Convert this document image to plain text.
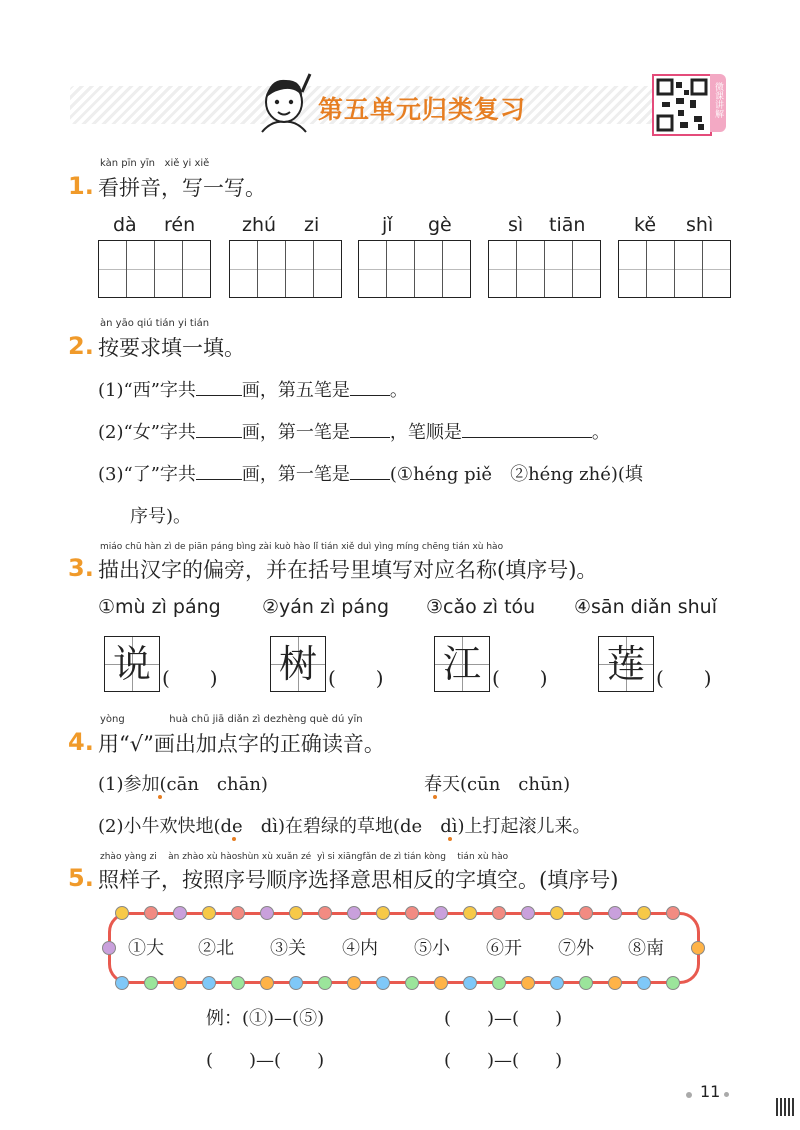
第五单元归类复习	微课讲解
kàn pīn yīn xiě yi xiě
1. 看拼音，写一写。
dà rén zhú zi	jǐ gè	sì tiān	kě shì
àn yāo qiú tián yi tián
2. 按要求填一填。
(1)“西”字共	画，第五笔是 。
(2)“女”字共	画，第一笔是 ，笔顺是	。
(3)“了”字共	画，第一笔是 (①héng piě　②héng zhé)(填
序号)。
miáo chū hàn zì de piān páng bìng zài kuò hào lǐ tián xiě duì yìng míng chēng tián xù hào
3. 描出汉字的偏旁，并在括号里填写对应名称(填序号)。
①mù zì páng ②yán zì páng ③cǎo zì tóu ④sān diǎn shuǐ
说 (　　) 树 (　　) 江 (　　) 莲 (　　)
yòng	huà chū jiā diǎn zì dezhèng què dú yīn
4. 用“√”画出加点字的正确读音。
(1)参加(cān　chān)	春天(cūn　chūn)
(2)小牛欢快地(de　dì)在碧绿的草地(de　dì)上打起滚儿来。
zhào yàng zi àn zhào xù hàoshùn xù xuǎn zé yì si xiāngfǎn de zì tián kòng tián xù hào
5. 照样子，按照序号顺序选择意思相反的字填空。(填序号)
①大 ②北 ③关 ④内 ⑤小 ⑥开 ⑦外 ⑧南
例：(①)—(⑤)	(　　)—(　　)
(　　)—(　　)	(　　)—(　　)
11
